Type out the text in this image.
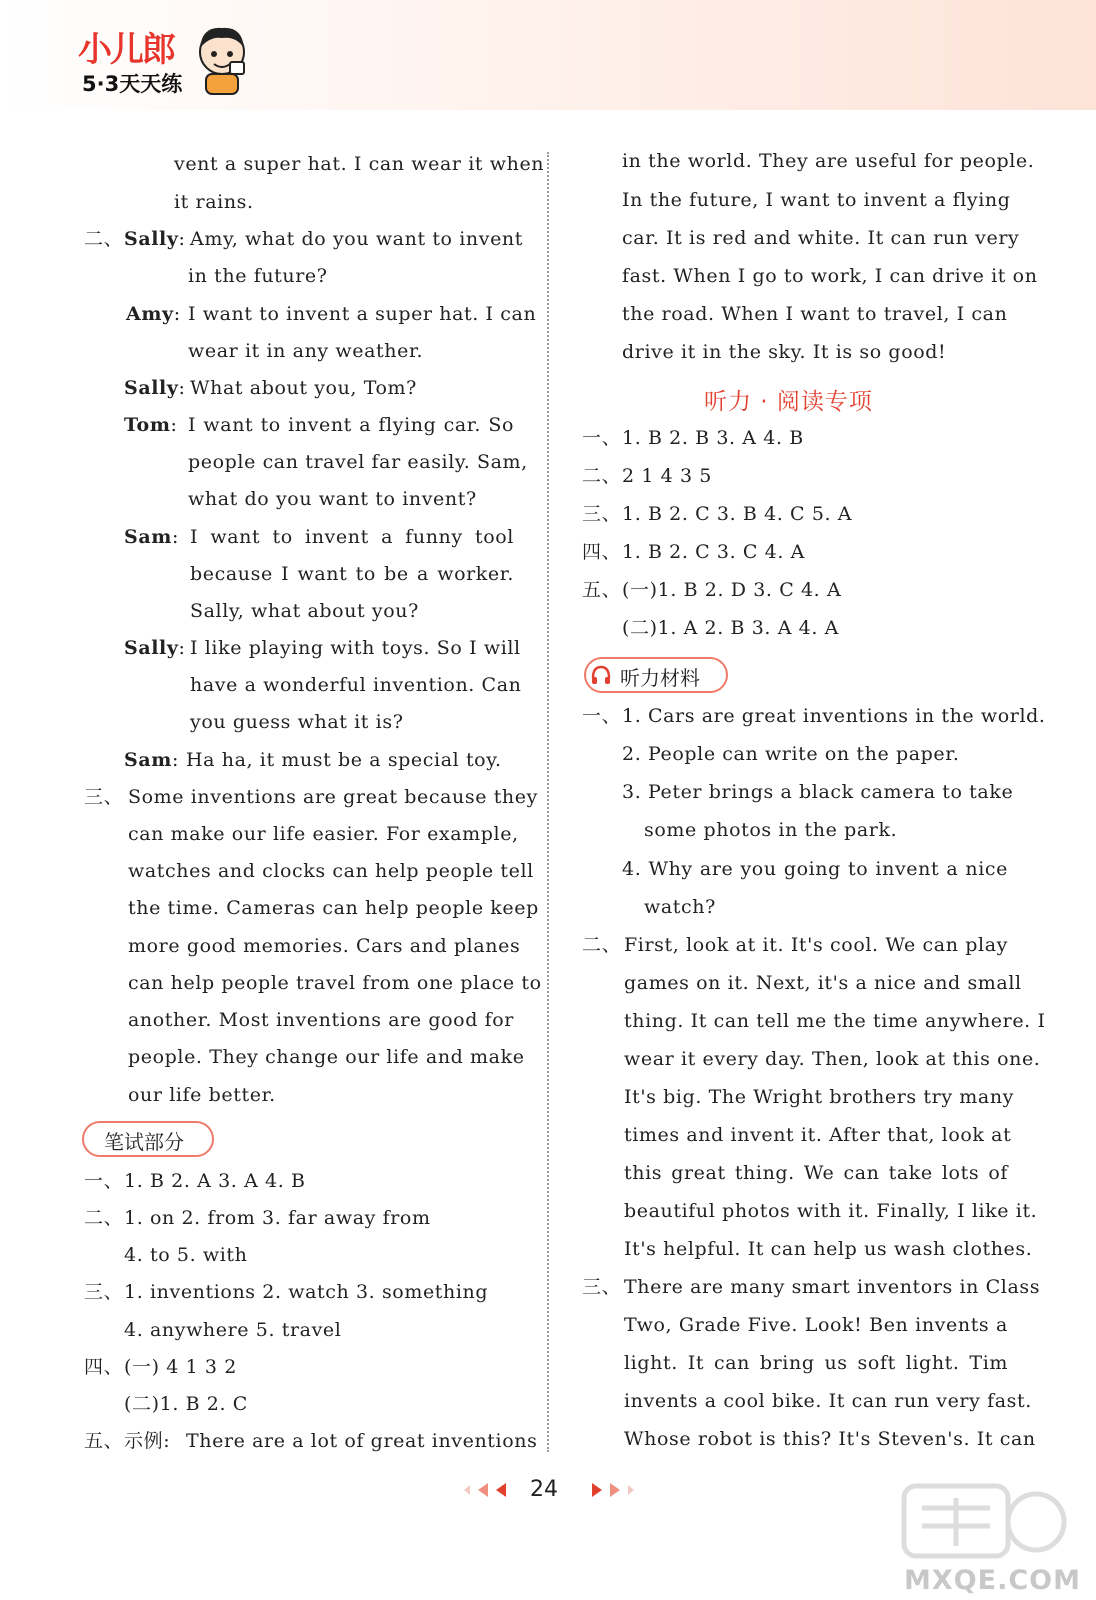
小儿郎
5·3天天练
vent a super hat. I can wear it when
it rains.
二、 Sally: Amy, what do you want to invent
in the future?
Amy: I want to invent a super hat. I can
wear it in any weather.
Sally: What about you, Tom?
Tom: I want to invent a flying car. So
people can travel far easily. Sam,
what do you want to invent?
Sam: I want to invent a funny tool
because I want to be a worker.
Sally, what about you?
Sally: I like playing with toys. So I will
have a wonderful invention. Can
you guess what it is?
Sam: Ha ha, it must be a special toy.
三、 Some inventions are great because they
can make our life easier. For example,
watches and clocks can help people tell
the time. Cameras can help people keep
more good memories. Cars and planes
can help people travel from one place to
another. Most inventions are good for
people. They change our life and make
our life better.
笔试部分
一、 1. B 2. A 3. A 4. B
二、 1. on 2. from 3. far away from
4. to 5. with
三、 1. inventions 2. watch 3. something
4. anywhere 5. travel
四、 (一) 4 1 3 2
(二)1. B 2. C
五、 示例: There are a lot of great inventions
in the world. They are useful for people.
In the future, I want to invent a flying
car. It is red and white. It can run very
fast. When I go to work, I can drive it on
the road. When I want to travel, I can
drive it in the sky. It is so good!
听力 · 阅读专项
一、 1. B 2. B 3. A 4. B
二、 2 1 4 3 5
三、 1. B 2. C 3. B 4. C 5. A
四、 1. B 2. C 3. C 4. A
五、 (一)1. B 2. D 3. C 4. A
(二)1. A 2. B 3. A 4. A
听力材料
一、 1. Cars are great inventions in the world.
2. People can write on the paper.
3. Peter brings a black camera to take
some photos in the park.
4. Why are you going to invent a nice
watch?
二、 First, look at it. It's cool. We can play
games on it. Next, it's a nice and small
thing. It can tell me the time anywhere. I
wear it every day. Then, look at this one.
It's big. The Wright brothers try many
times and invent it. After that, look at
this great thing. We can take lots of
beautiful photos with it. Finally, I like it.
It's helpful. It can help us wash clothes.
三、 There are many smart inventors in Class
Two, Grade Five. Look! Ben invents a
light. It can bring us soft light. Tim
invents a cool bike. It can run very fast.
Whose robot is this? It's Steven's. It can
24
MXQE.COM
